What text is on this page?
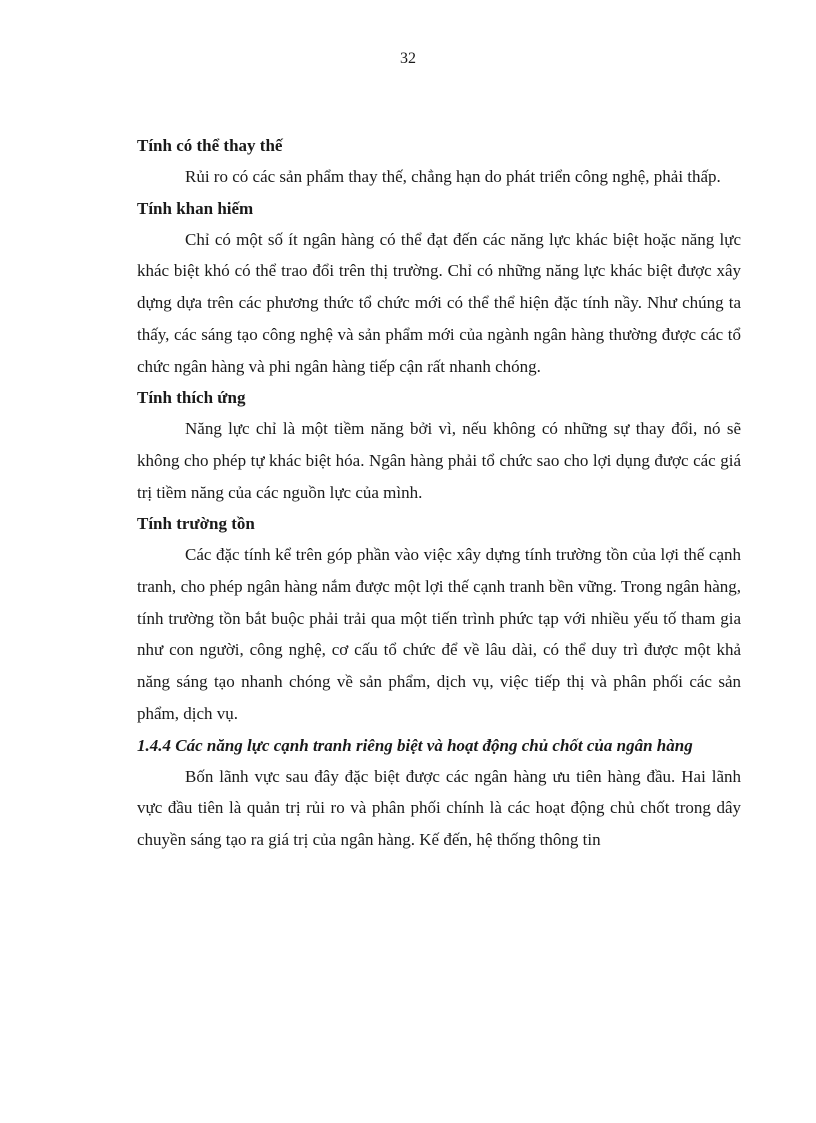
32

Tính có thể thay thế

Rủi ro có các sản phẩm thay thế, chẳng hạn do phát triển công nghệ, phải thấp.

Tính khan hiếm

Chỉ có một số ít ngân hàng có thể đạt đến các năng lực khác biệt hoặc năng lực khác biệt khó có thể trao đổi trên thị trường. Chỉ có những năng lực khác biệt được xây dựng dựa trên các phương thức tổ chức mới có thể thể hiện đặc tính nầy. Như chúng ta thấy, các sáng tạo công nghệ và sản phẩm mới của ngành ngân hàng thường được các tổ chức ngân hàng và phi ngân hàng tiếp cận rất nhanh chóng.

Tính thích ứng

Năng lực chỉ là một tiềm năng bởi vì, nếu không có những sự thay đổi, nó sẽ không cho phép tự khác biệt hóa. Ngân hàng phải tổ chức sao cho lợi dụng được các giá trị tiềm năng của các nguồn lực của mình.

Tính trường tồn

Các đặc tính kể trên góp phần vào việc xây dựng tính trường tồn của lợi thế cạnh tranh, cho phép ngân hàng nắm được một lợi thế cạnh tranh bền vững. Trong ngân hàng, tính trường tồn bắt buộc phải trải qua một tiến trình phức tạp với nhiều yếu tố tham gia như con người, công nghệ, cơ cấu tổ chức để về lâu dài, có thể duy trì được một khả năng sáng tạo nhanh chóng về sản phẩm, dịch vụ, việc tiếp thị và phân phối các sản phẩm, dịch vụ.

1.4.4 Các năng lực cạnh tranh riêng biệt và hoạt động chủ chốt của ngân hàng

Bốn lãnh vực sau đây đặc biệt được các ngân hàng ưu tiên hàng đầu. Hai lãnh vực đầu tiên là quản trị rủi ro và phân phối chính là các hoạt động chủ chốt trong dây chuyền sáng tạo ra giá trị của ngân hàng. Kế đến, hệ thống thông tin
